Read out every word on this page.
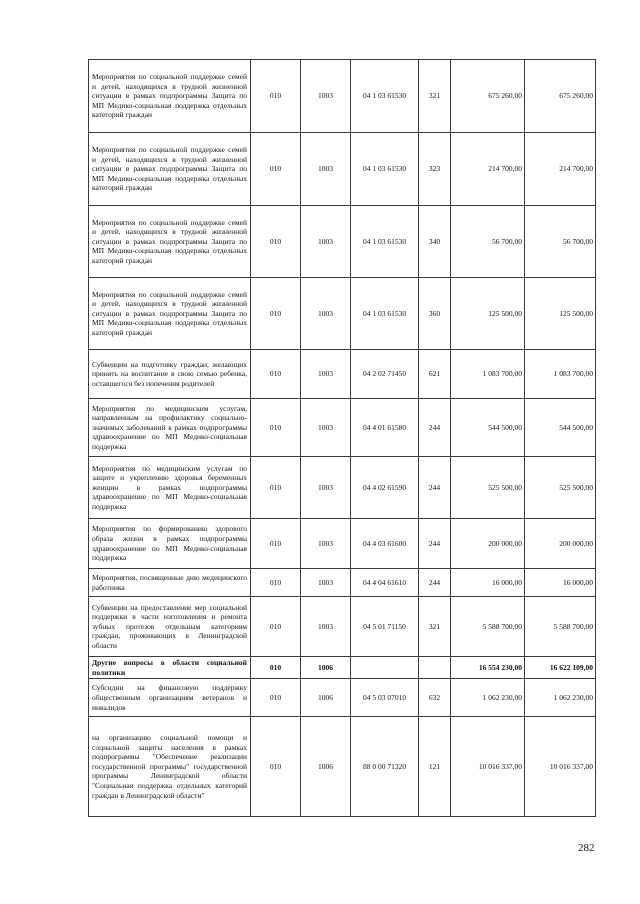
Мероприятия по социальной поддержке семей и детей, находящихся в трудной жизненной ситуации в рамках подпрограммы Защита по МП Медико-социальная поддержка отдельных категорий граждан	010	1003	04 1 03 61530	321	675 260,00	675 260,00
Мероприятия по социальной поддержке семей и детей, находящихся в трудной жизненной ситуации в рамках подпрограммы Защита по МП Медико-социальная поддержка отдельных категорий граждан	010	1003	04 1 03 61530	323	214 700,00	214 700,00
Мероприятия по социальной поддержке семей и детей, находящихся в трудной жизненной ситуации в рамках подпрограммы Защита по МП Медико-социальная поддержка отдельных категорий граждан	010	1003	04 1 03 61530	340	56 700,00	56 700,00
Мероприятия по социальной поддержке семей и детей, находящихся в трудной жизненной ситуации в рамках подпрограммы Защита по МП Медико-социальная поддержка отдельных категорий граждан	010	1003	04 1 03 61530	360	125 500,00	125 500,00
Субвенции на подготовку граждан, желающих принять на воспитание в свою семью ребенка, оставшегося без попечения родителей	010	1003	04 2 02 71450	621	1 083 700,00	1 083 700,00
Мероприятия по медицинским услугам, направленным на профилактику социально- значимых заболеваний в рамках подпрограммы здравоохранение по МП Медико-социальная поддержка	010	1003	04 4 01 61580	244	544 500,00	544 500,00
Мероприятия по медицинским услугам по защите и укреплению здоровья беременных женщин в рамках подпрограммы здравоохранение по МП Медико-социальная поддержка	010	1003	04 4 02 61590	244	525 500,00	525 500,00
Мероприятия по формированию здорового образа жизни в рамках подпрограммы здравоохранение по МП Медико-социальная поддержка	010	1003	04 4 03 61600	244	200 000,00	200 000,00
Мероприятия, посвященные дню медицинского работника	010	1003	04 4 04 61610	244	16 000,00	16 000,00
Субвенции на предоставление мер социальной поддержки в части изготовления и ремонта зубных протезов отдельным категориям граждан, проживающих в Ленинградской области	010	1003	04 5 01 71150	321	5 588 700,00	5 588 700,00
Другие вопросы в области социальной политики	010	1006			16 554 230,00	16 622 109,00
Субсидии на финансовую поддержку общественным организациям ветеранов и инвалидов	010	1006	04 5 03 07010	632	1 062 230,00	1 062 230,00
на организацию социальной помощи и социальной защиты населения в рамках подпрограммы "Обеспечение реализации государственной программы" государственной программы Ленинградской области "Социальная поддержка отдельных категорий граждан в Ленинградской области"	010	1006	88 0 00 71320	121	10 016 337,00	10 016 337,00
282
